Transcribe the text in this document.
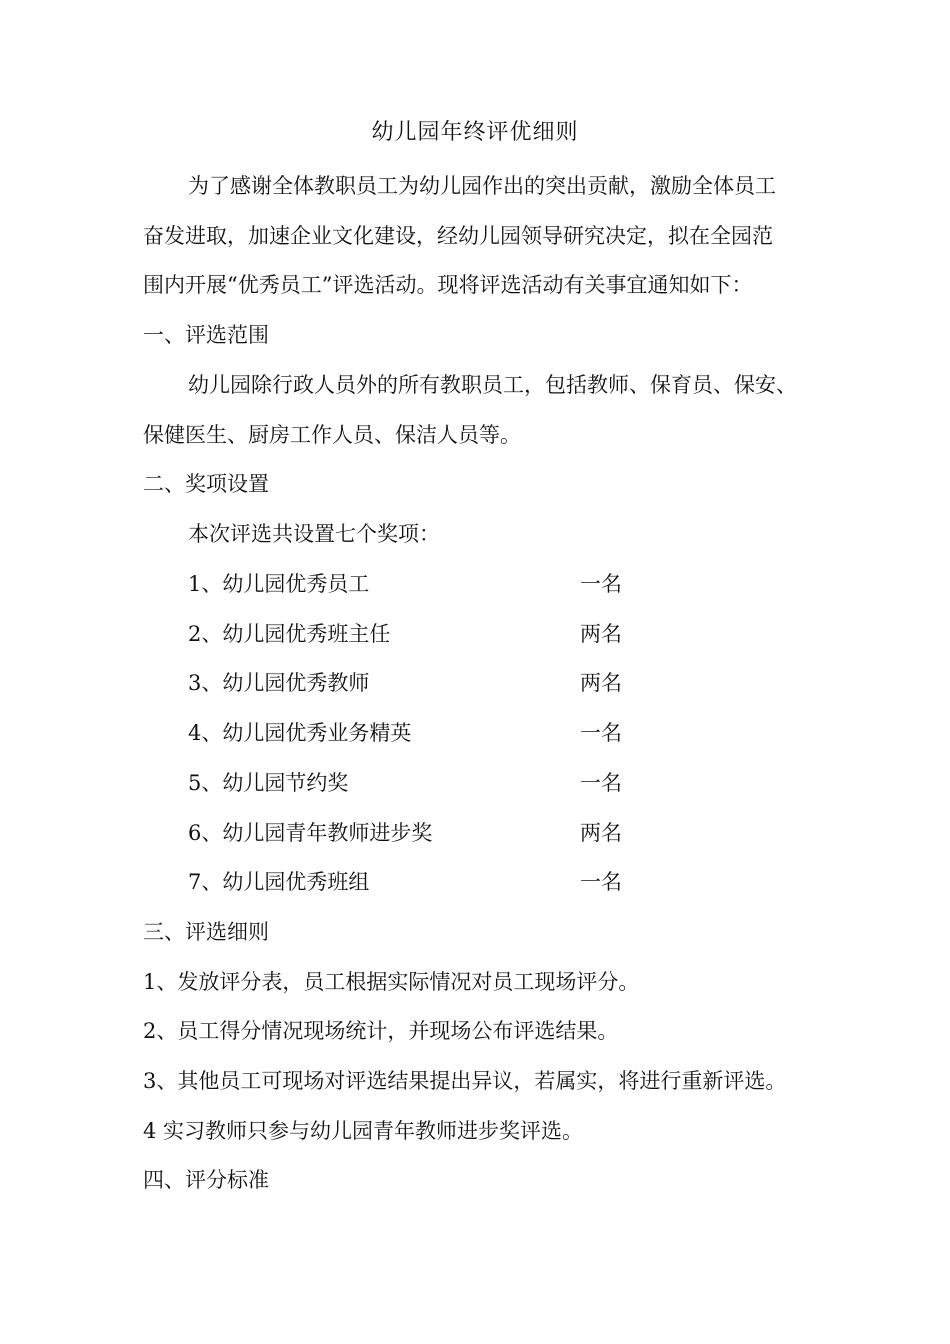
幼儿园年终评优细则
为了感谢全体教职员工为幼儿园作出的突出贡献，激励全体员工
奋发进取，加速企业文化建设，经幼儿园领导研究决定，拟在全园范
围内开展“优秀员工”评选活动。现将评选活动有关事宜通知如下：
一、评选范围
幼儿园除行政人员外的所有教职员工，包括教师、保育员、保安、
保健医生、厨房工作人员、保洁人员等。
二、奖项设置
本次评选共设置七个奖项：
1、幼儿园优秀员工	一名
2、幼儿园优秀班主任	两名
3、幼儿园优秀教师	两名
4、幼儿园优秀业务精英	一名
5、幼儿园节约奖	一名
6、幼儿园青年教师进步奖	两名
7、幼儿园优秀班组	一名
三、评选细则
1、发放评分表，员工根据实际情况对员工现场评分。
2、员工得分情况现场统计，并现场公布评选结果。
3、其他员工可现场对评选结果提出异议，若属实，将进行重新评选。
4 实习教师只参与幼儿园青年教师进步奖评选。
四、评分标准
